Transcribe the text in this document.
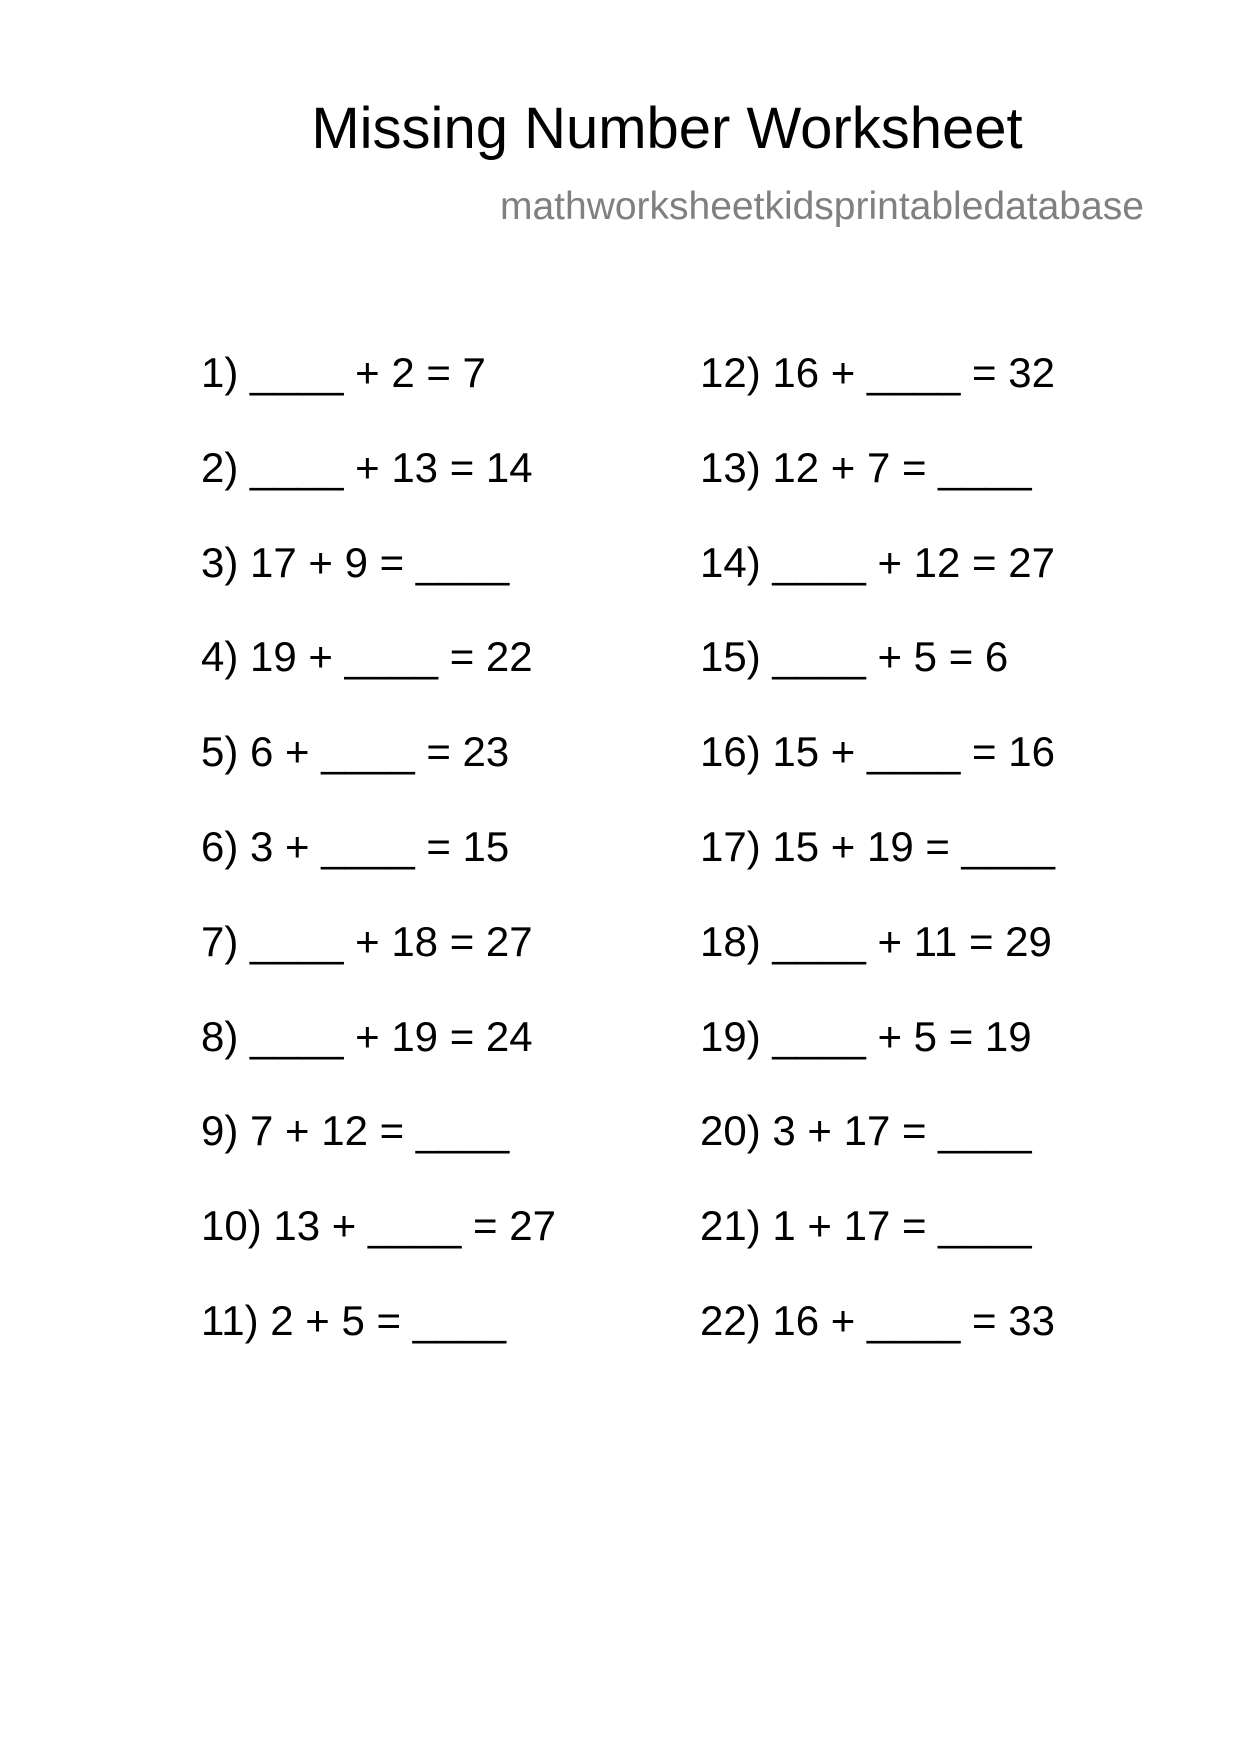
Missing Number Worksheet
mathworksheetkidsprintabledatabase
1) ____ + 2 = 7
2) ____ + 13 = 14
3) 17 + 9 = ____
4) 19 + ____ = 22
5) 6 + ____ = 23
6) 3 + ____ = 15
7) ____ + 18 = 27
8) ____ + 19 = 24
9) 7 + 12 = ____
10) 13 + ____ = 27
11) 2 + 5 = ____
12) 16 + ____ = 32
13) 12 + 7 = ____
14) ____ + 12 = 27
15) ____ + 5 = 6
16) 15 + ____ = 16
17) 15 + 19 = ____
18) ____ + 11 = 29
19) ____ + 5 = 19
20) 3 + 17 = ____
21) 1 + 17 = ____
22) 16 + ____ = 33
